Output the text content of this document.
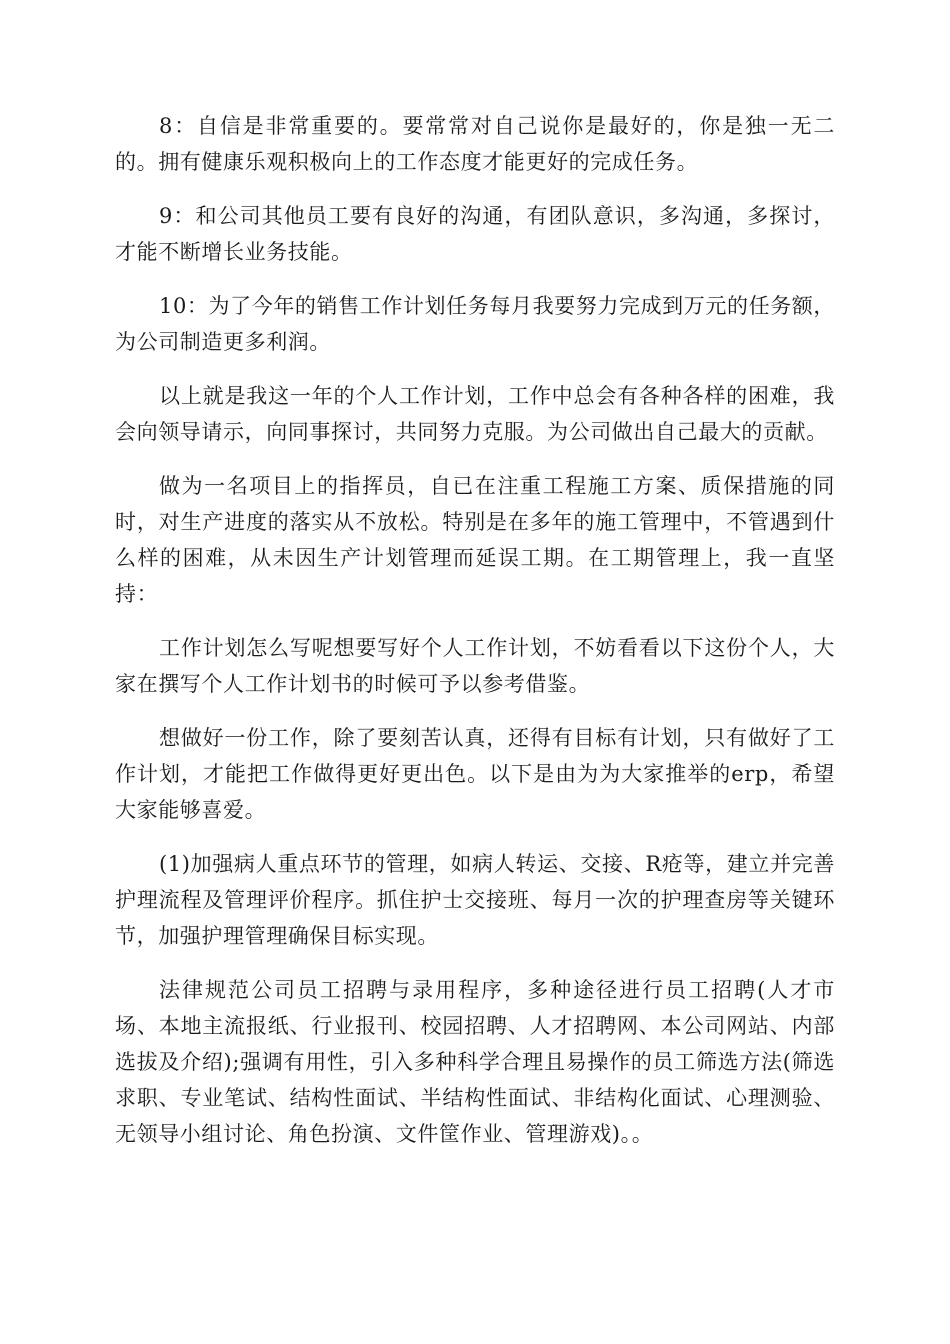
8：自信是非常重要的。要常常对自己说你是最好的，你是独一无二的。拥有健康乐观积极向上的工作态度才能更好的完成任务。

9：和公司其他员工要有良好的沟通，有团队意识，多沟通，多探讨，才能不断增长业务技能。

10：为了今年的销售工作计划任务每月我要努力完成到万元的任务额，为公司制造更多利润。

以上就是我这一年的个人工作计划，工作中总会有各种各样的困难，我会向领导请示，向同事探讨，共同努力克服。为公司做出自己最大的贡献。

做为一名项目上的指挥员，自已在注重工程施工方案、质保措施的同时，对生产进度的落实从不放松。特别是在多年的施工管理中，不管遇到什么样的困难，从未因生产计划管理而延误工期。在工期管理上，我一直坚持：

工作计划怎么写呢想要写好个人工作计划，不妨看看以下这份个人，大家在撰写个人工作计划书的时候可予以参考借鉴。

想做好一份工作，除了要刻苦认真，还得有目标有计划，只有做好了工作计划，才能把工作做得更好更出色。以下是由为为大家推举的erp，希望大家能够喜爱。

(1)加强病人重点环节的管理，如病人转运、交接、R疮等，建立并完善护理流程及管理评价程序。抓住护士交接班、每月一次的护理查房等关键环节，加强护理管理确保目标实现。

法律规范公司员工招聘与录用程序，多种途径进行员工招聘(人才市场、本地主流报纸、行业报刊、校园招聘、人才招聘网、本公司网站、内部选拔及介绍);强调有用性，引入多种科学合理且易操作的员工筛选方法(筛选求职、专业笔试、结构性面试、半结构性面试、非结构化面试、心理测验、无领导小组讨论、角色扮演、文件筐作业、管理游戏)。。
